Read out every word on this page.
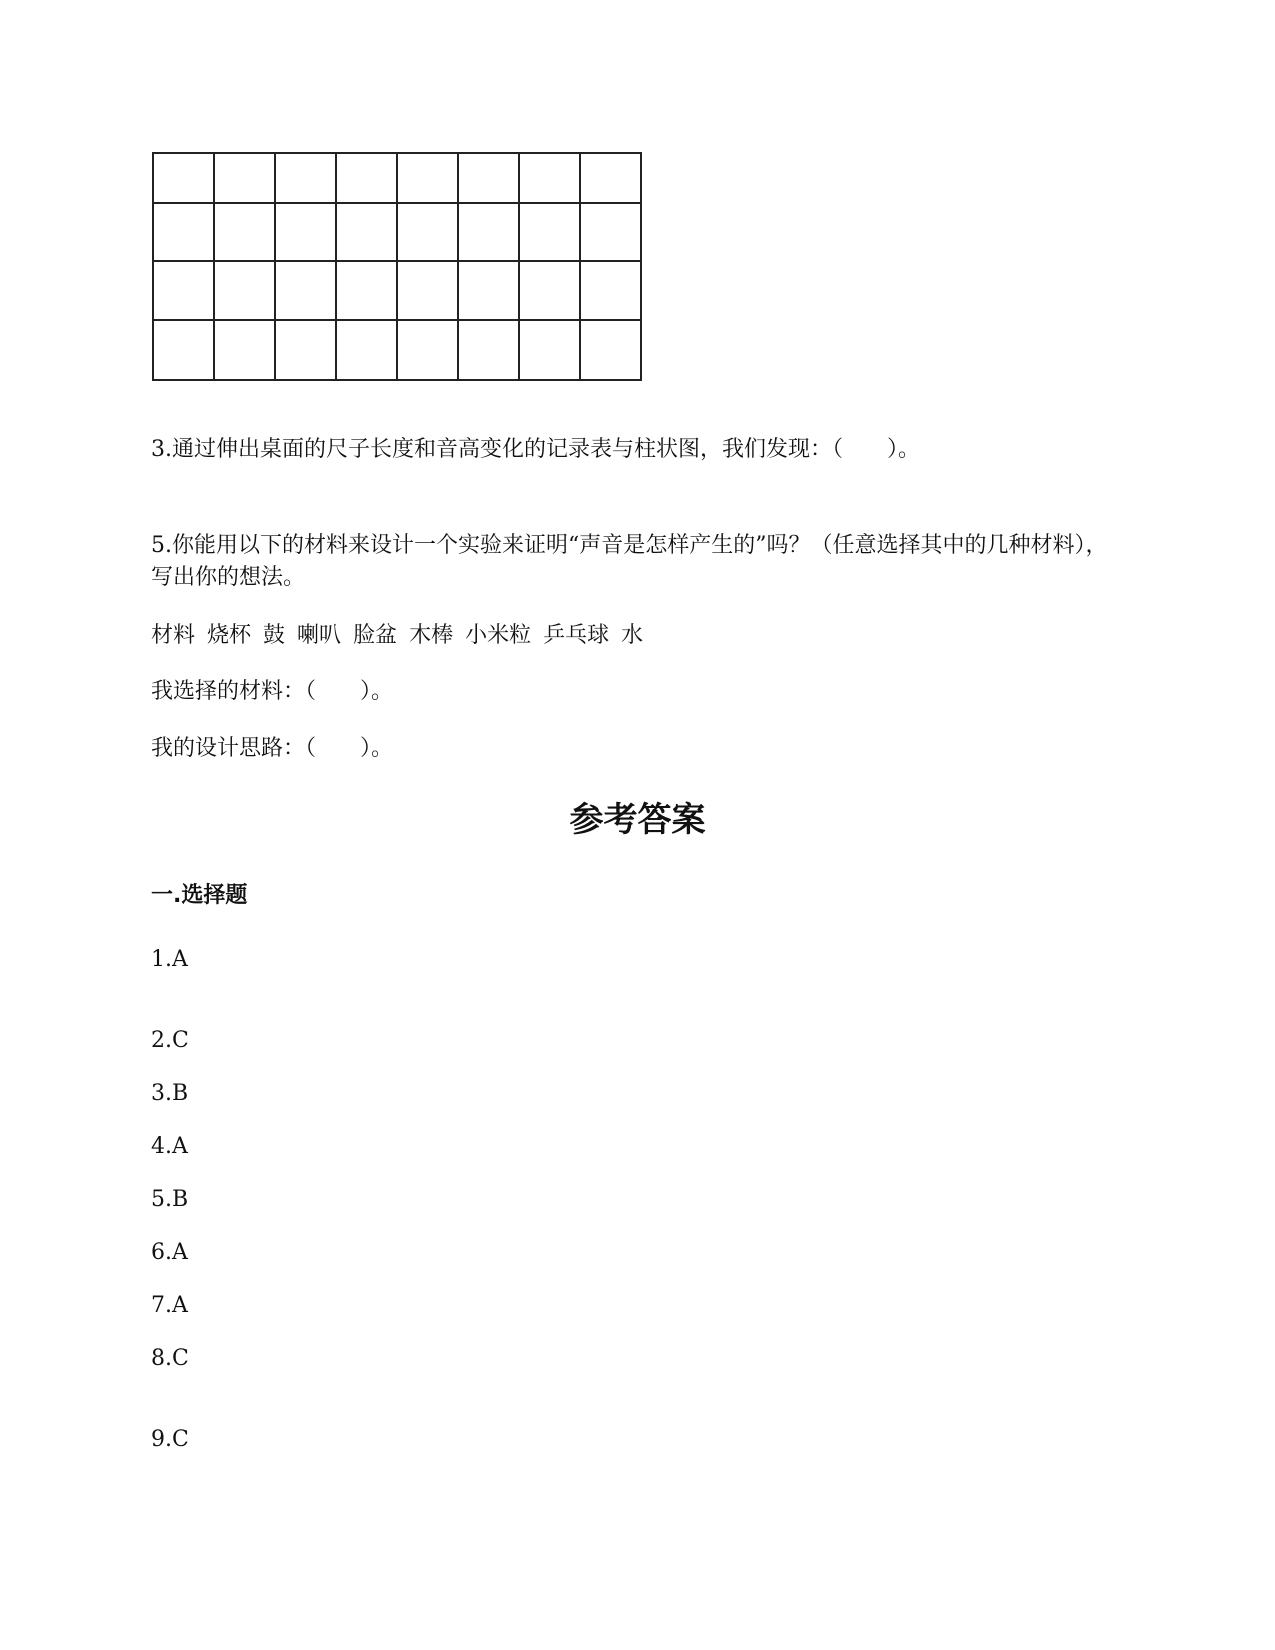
3.通过伸出桌面的尺子长度和音高变化的记录表与柱状图，我们发现：（　　）。
5.你能用以下的材料来设计一个实验来证明“声音是怎样产生的”吗？（任意选择其中的几种材料），写出你的想法。
材料 烧杯 鼓 喇叭 脸盆 木棒 小米粒 乒乓球 水
我选择的材料：（　　）。
我的设计思路：（　　）。
参考答案
一.选择题
1.A
2.C
3.B
4.A
5.B
6.A
7.A
8.C
9.C
